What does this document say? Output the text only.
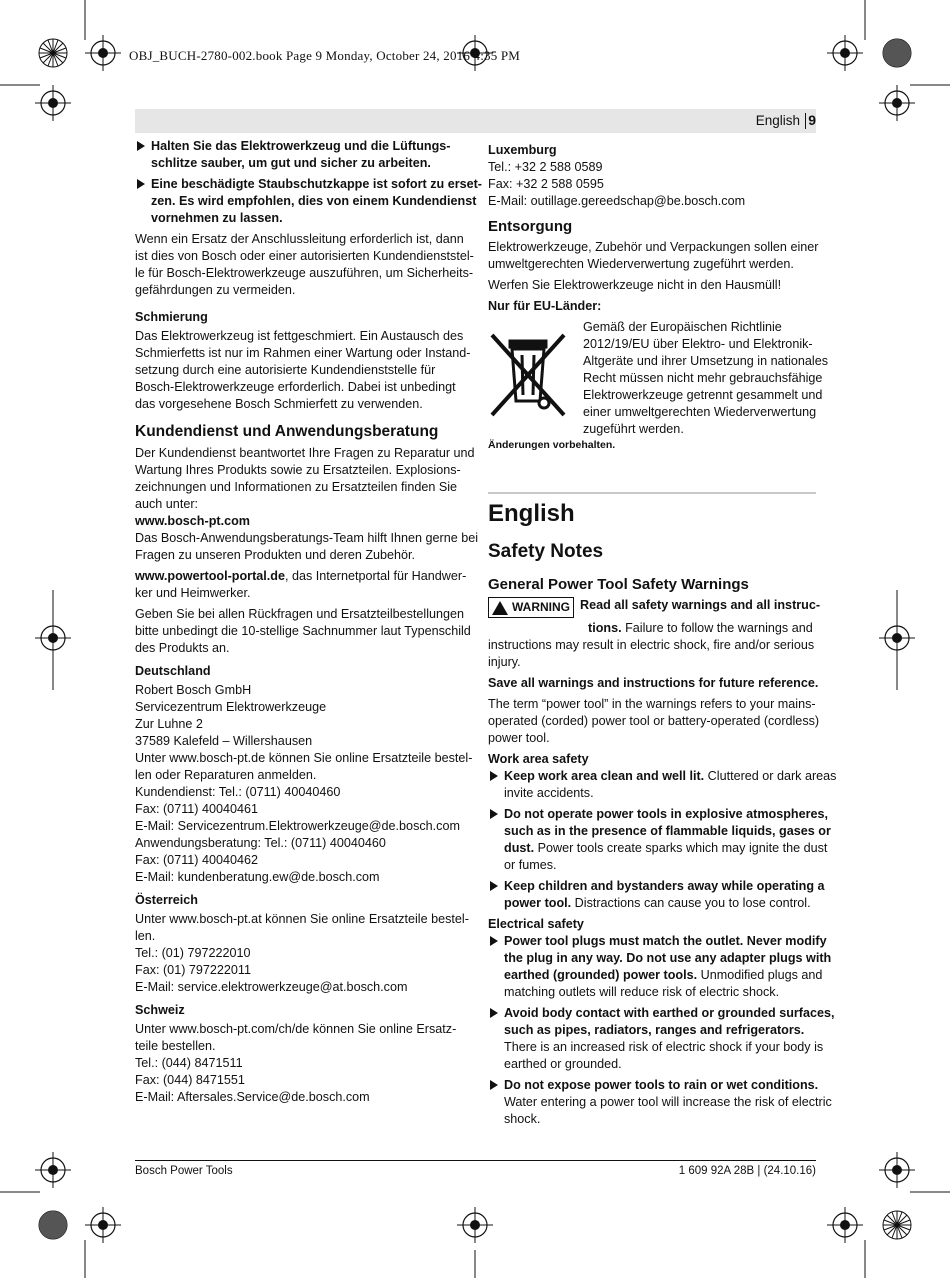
OBJ_BUCH-2780-002.book Page 9 Monday, October 24, 2016 4:35 PM
English 9
Halten Sie das Elektrowerkzeug und die Lüftungs-
schlitze sauber, um gut und sicher zu arbeiten.
Eine beschädigte Staubschutzkappe ist sofort zu erset-
zen. Es wird empfohlen, dies von einem Kundendienst
vornehmen zu lassen.
Wenn ein Ersatz der Anschlussleitung erforderlich ist, dann
ist dies von Bosch oder einer autorisierten Kundendienststel-
le für Bosch-Elektrowerkzeuge auszuführen, um Sicherheits-
gefährdungen zu vermeiden.
Schmierung
Das Elektrowerkzeug ist fettgeschmiert. Ein Austausch des
Schmierfetts ist nur im Rahmen einer Wartung oder Instand-
setzung durch eine autorisierte Kundendienststelle für
Bosch-Elektrowerkzeuge erforderlich. Dabei ist unbedingt
das vorgesehene Bosch Schmierfett zu verwenden.
Kundendienst und Anwendungsberatung
Der Kundendienst beantwortet Ihre Fragen zu Reparatur und
Wartung Ihres Produkts sowie zu Ersatzteilen. Explosions-
zeichnungen und Informationen zu Ersatzteilen finden Sie
auch unter:
www.bosch-pt.com
Das Bosch-Anwendungsberatungs-Team hilft Ihnen gerne bei
Fragen zu unseren Produkten und deren Zubehör.
www.powertool-portal.de, das Internetportal für Handwer-
ker und Heimwerker.
Geben Sie bei allen Rückfragen und Ersatzteilbestellungen
bitte unbedingt die 10-stellige Sachnummer laut Typenschild
des Produkts an.
Deutschland
Robert Bosch GmbH
Servicezentrum Elektrowerkzeuge
Zur Luhne 2
37589 Kalefeld – Willershausen
Unter www.bosch-pt.de können Sie online Ersatzteile bestel-
len oder Reparaturen anmelden.
Kundendienst: Tel.: (0711) 40040460
Fax: (0711) 40040461
E-Mail: Servicezentrum.Elektrowerkzeuge@de.bosch.com
Anwendungsberatung: Tel.: (0711) 40040460
Fax: (0711) 40040462
E-Mail: kundenberatung.ew@de.bosch.com
Österreich
Unter www.bosch-pt.at können Sie online Ersatzteile bestel-
len.
Tel.: (01) 797222010
Fax: (01) 797222011
E-Mail: service.elektrowerkzeuge@at.bosch.com
Schweiz
Unter www.bosch-pt.com/ch/de können Sie online Ersatz-
teile bestellen.
Tel.: (044) 8471511
Fax: (044) 8471551
E-Mail: Aftersales.Service@de.bosch.com
Luxemburg
Tel.: +32 2 588 0589
Fax: +32 2 588 0595
E-Mail: outillage.gereedschap@be.bosch.com
Entsorgung
Elektrowerkzeuge, Zubehör und Verpackungen sollen einer
umweltgerechten Wiederverwertung zugeführt werden.
Werfen Sie Elektrowerkzeuge nicht in den Hausmüll!
Nur für EU-Länder:
Gemäß der Europäischen Richtlinie
2012/19/EU über Elektro- und Elektronik-
Altgeräte und ihrer Umsetzung in nationales
Recht müssen nicht mehr gebrauchsfähige
Elektrowerkzeuge getrennt gesammelt und
einer umweltgerechten Wiederverwertung
zugeführt werden.
Änderungen vorbehalten.
English
Safety Notes
General Power Tool Safety Warnings
WARNING Read all safety warnings and all instruc-
tions. Failure to follow the warnings and
instructions may result in electric shock, fire and/or serious
injury.
Save all warnings and instructions for future reference.
The term “power tool” in the warnings refers to your mains-
operated (corded) power tool or battery-operated (cordless)
power tool.
Work area safety
Keep work area clean and well lit. Cluttered or dark areas
invite accidents.
Do not operate power tools in explosive atmospheres,
such as in the presence of flammable liquids, gases or
dust. Power tools create sparks which may ignite the dust
or fumes.
Keep children and bystanders away while operating a
power tool. Distractions can cause you to lose control.
Electrical safety
Power tool plugs must match the outlet. Never modify
the plug in any way. Do not use any adapter plugs with
earthed (grounded) power tools. Unmodified plugs and
matching outlets will reduce risk of electric shock.
Avoid body contact with earthed or grounded surfaces,
such as pipes, radiators, ranges and refrigerators.
There is an increased risk of electric shock if your body is
earthed or grounded.
Do not expose power tools to rain or wet conditions.
Water entering a power tool will increase the risk of electric
shock.
Bosch Power Tools	1 609 92A 28B | (24.10.16)
